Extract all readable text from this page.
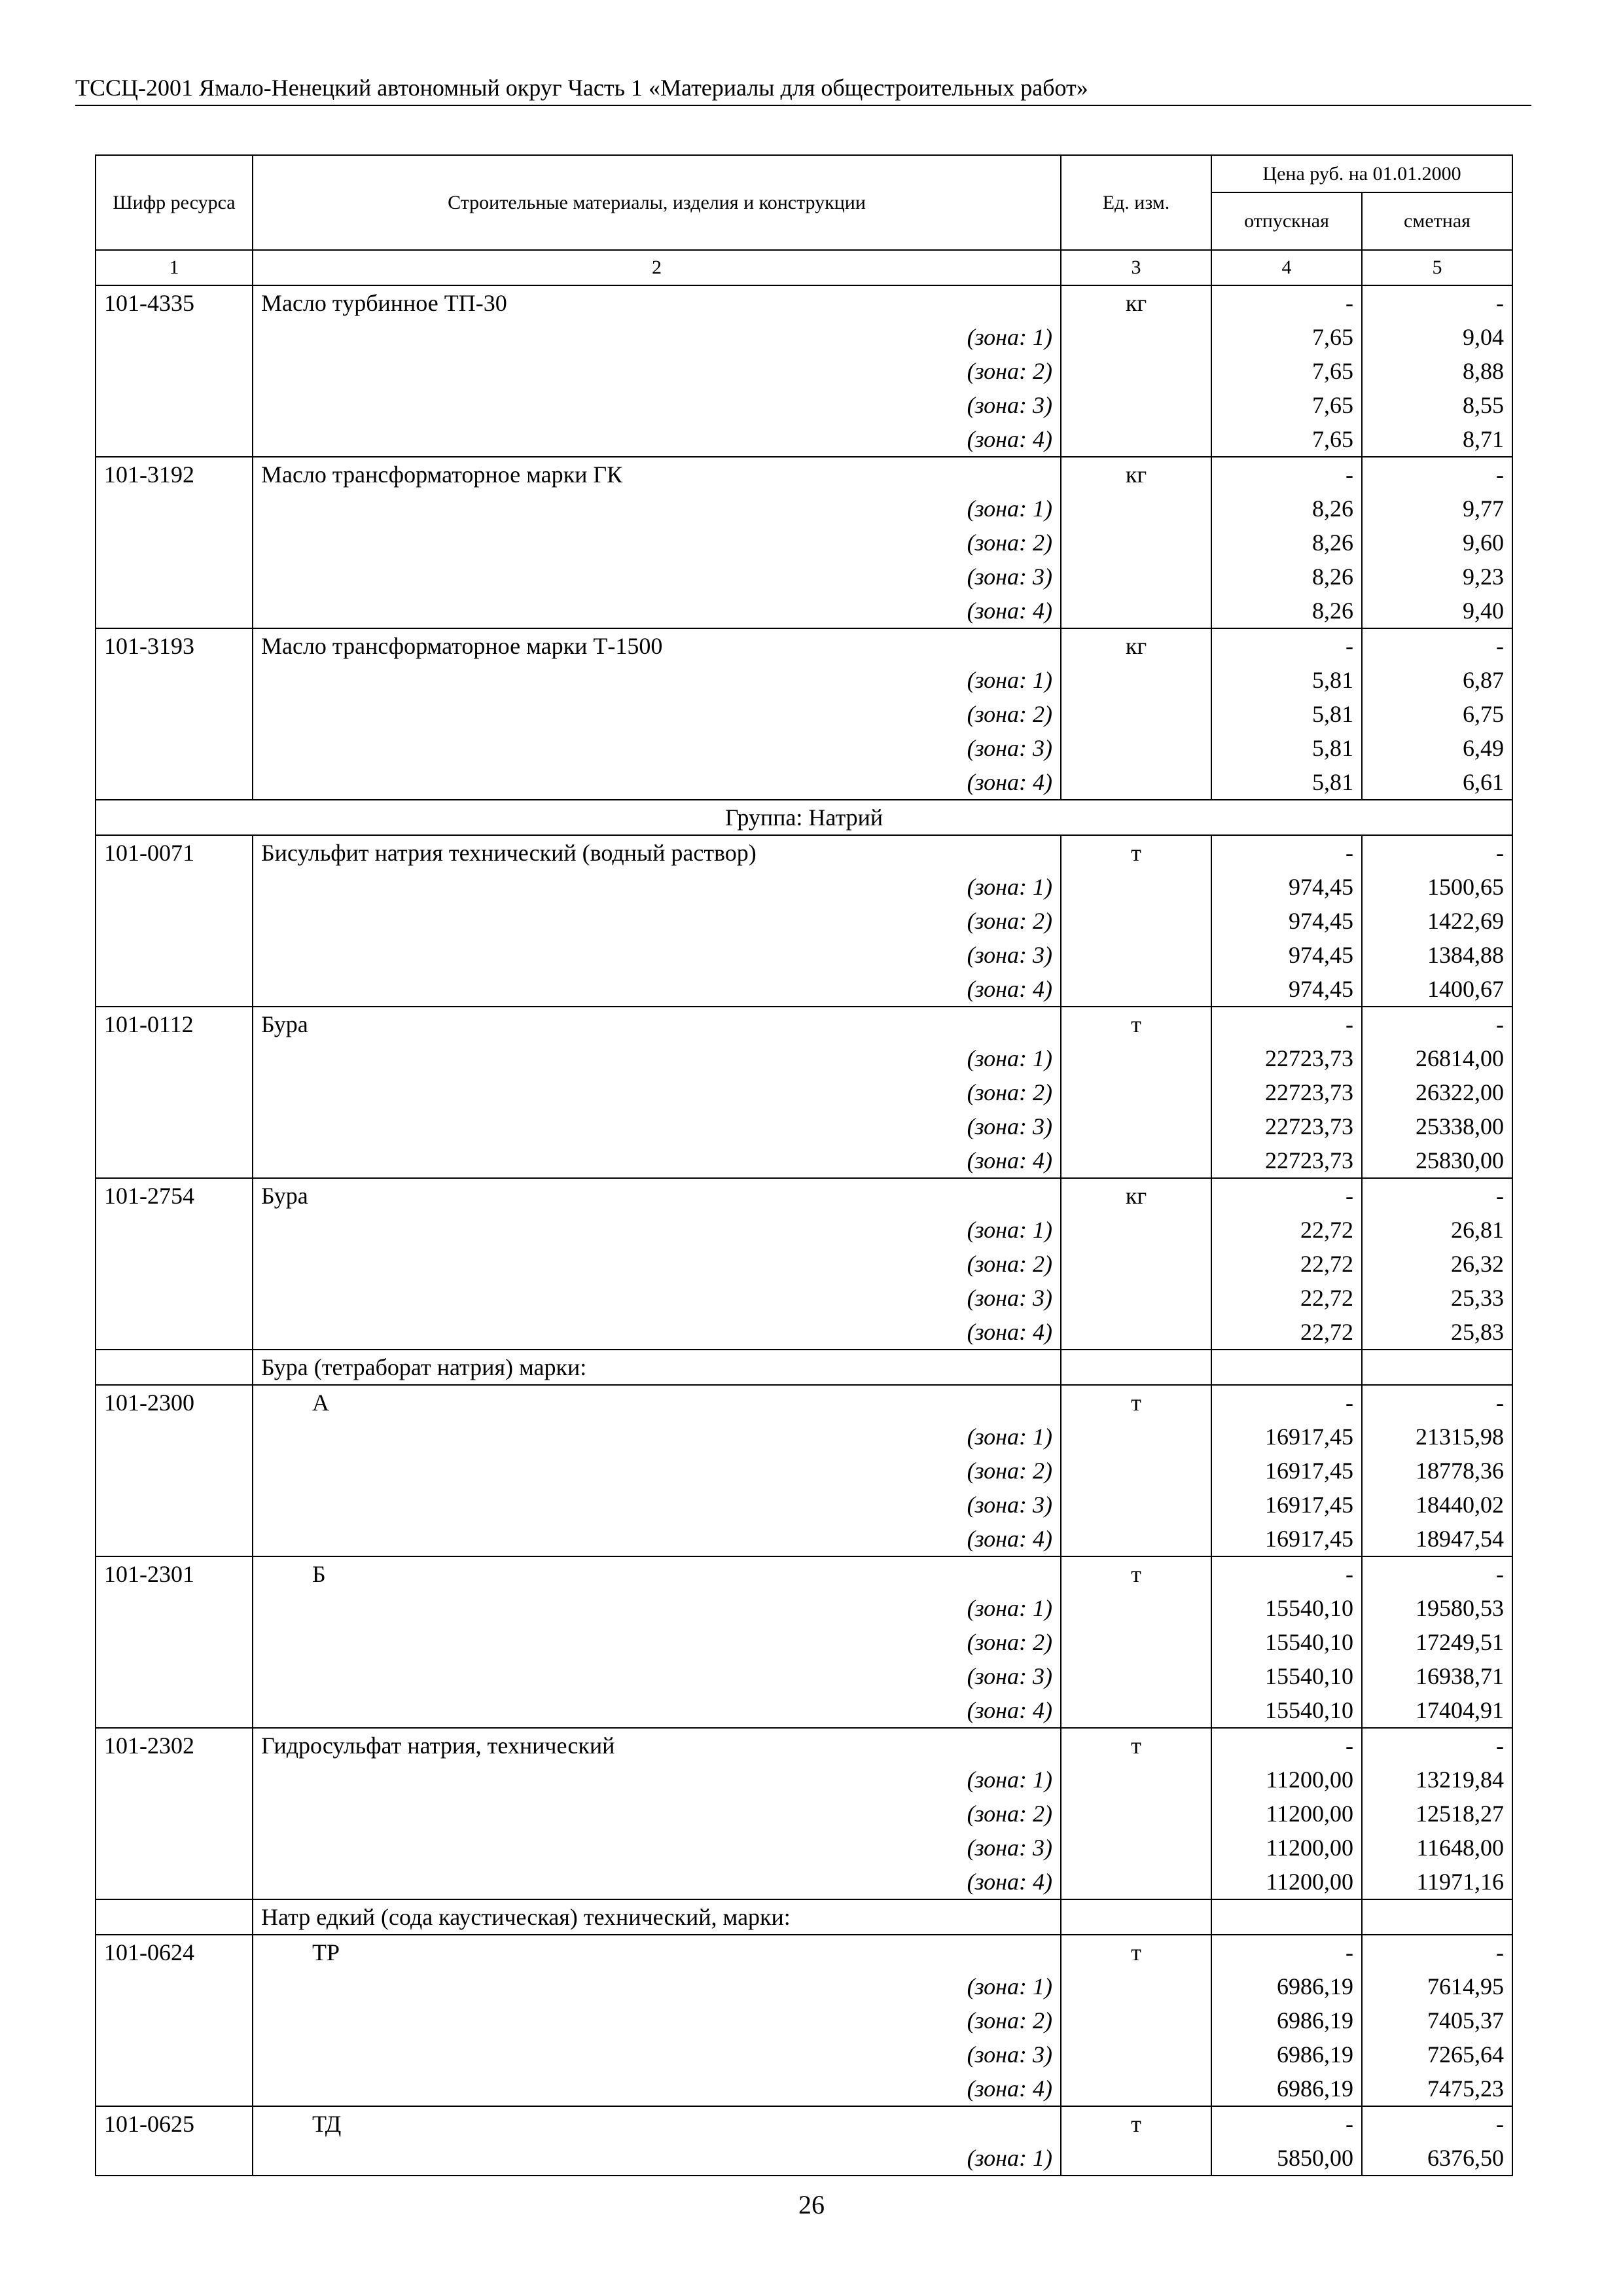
ТССЦ-2001 Ямало-Ненецкий автономный округ Часть 1 «Материалы для общестроительных работ»
Шифр ресурса	Строительные материалы, изделия и конструкции	Ед. изм.	Цена руб. на 01.01.2000	
			отпускная	сметная
1	2	3	4	5
101-4335	Масло турбинное ТП-30	кг	-	-
	(зона: 1)		7,65	9,04
	(зона: 2)		7,65	8,88
	(зона: 3)		7,65	8,55
	(зона: 4)		7,65	8,71
101-3192	Масло трансформаторное марки ГК	кг	-	-
	(зона: 1)		8,26	9,77
	(зона: 2)		8,26	9,60
	(зона: 3)		8,26	9,23
	(зона: 4)		8,26	9,40
101-3193	Масло трансформаторное марки Т-1500	кг	-	-
	(зона: 1)		5,81	6,87
	(зона: 2)		5,81	6,75
	(зона: 3)		5,81	6,49
	(зона: 4)		5,81	6,61
Группа: Натрий				
101-0071	Бисульфит натрия технический (водный раствор)	т	-	-
	(зона: 1)		974,45	1500,65
	(зона: 2)		974,45	1422,69
	(зона: 3)		974,45	1384,88
	(зона: 4)		974,45	1400,67
101-0112	Бура	т	-	-
	(зона: 1)		22723,73	26814,00
	(зона: 2)		22723,73	26322,00
	(зона: 3)		22723,73	25338,00
	(зона: 4)		22723,73	25830,00
101-2754	Бура	кг	-	-
	(зона: 1)		22,72	26,81
	(зона: 2)		22,72	26,32
	(зона: 3)		22,72	25,33
	(зона: 4)		22,72	25,83
	Бура (тетраборат натрия) марки:			
101-2300	А	т	-	-
	(зона: 1)		16917,45	21315,98
	(зона: 2)		16917,45	18778,36
	(зона: 3)		16917,45	18440,02
	(зона: 4)		16917,45	18947,54
101-2301	Б	т	-	-
	(зона: 1)		15540,10	19580,53
	(зона: 2)		15540,10	17249,51
	(зона: 3)		15540,10	16938,71
	(зона: 4)		15540,10	17404,91
101-2302	Гидросульфат натрия, технический	т	-	-
	(зона: 1)		11200,00	13219,84
	(зона: 2)		11200,00	12518,27
	(зона: 3)		11200,00	11648,00
	(зона: 4)		11200,00	11971,16
	Натр едкий (сода каустическая) технический, марки:			
101-0624	ТР	т	-	-
	(зона: 1)		6986,19	7614,95
	(зона: 2)		6986,19	7405,37
	(зона: 3)		6986,19	7265,64
	(зона: 4)		6986,19	7475,23
101-0625	ТД	т	-	-
	(зона: 1)		5850,00	6376,50
26
